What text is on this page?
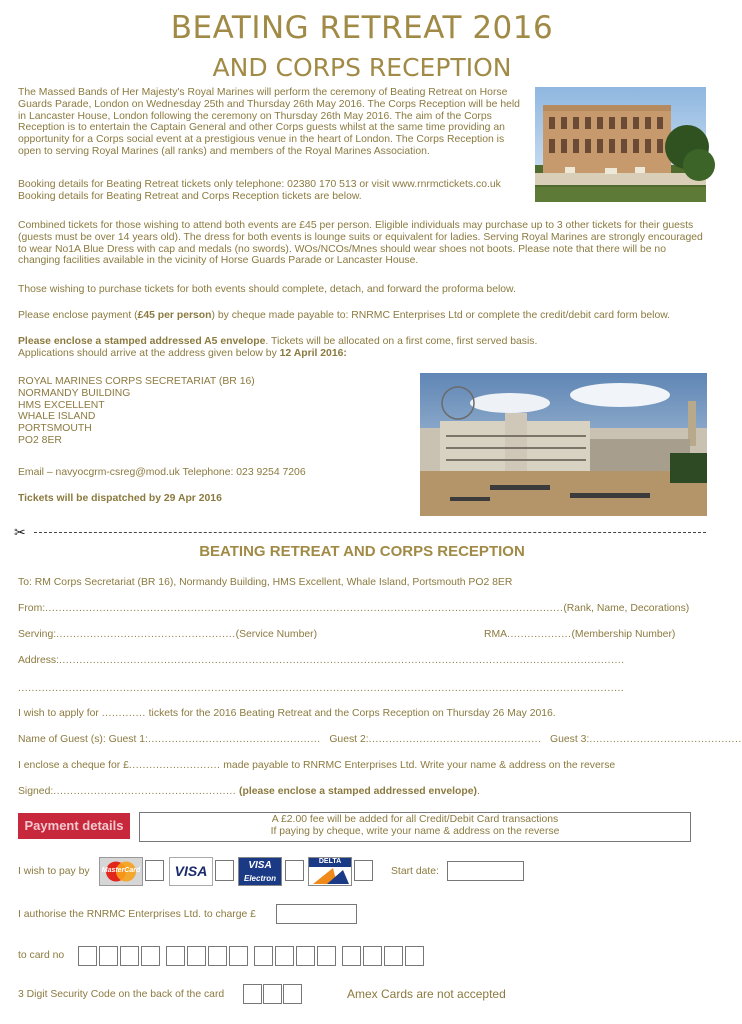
BEATING RETREAT 2016
AND CORPS RECEPTION
The Massed Bands of Her Majesty's Royal Marines will perform the ceremony of Beating Retreat on Horse Guards Parade, London on Wednesday 25th and Thursday 26th May 2016. The Corps Reception will be held in Lancaster House, London following the ceremony on Thursday 26th May 2016. The aim of the Corps Reception is to entertain the Captain General and other Corps guests whilst at the same time providing an opportunity for a Corps social event at a prestigious venue in the heart of London. The Corps Reception is open to serving Royal Marines (all ranks) and members of the Royal Marines Association.
Booking details for Beating Retreat tickets only telephone: 02380 170 513 or visit www.rnrmctickets.co.uk
Booking details for Beating Retreat and Corps Reception tickets are below.
Combined tickets for those wishing to attend both events are £45 per person. Eligible individuals may purchase up to 3 other tickets for their guests (guests must be over 14 years old). The dress for both events is lounge suits or equivalent for ladies. Serving Royal Marines are strongly encouraged to wear No1A Blue Dress with cap and medals (no swords). WOs/NCOs/Mnes should wear shoes not boots. Please note that there will be no changing facilities available in the vicinity of Horse Guards Parade or Lancaster House.
Those wishing to purchase tickets for both events should complete, detach, and forward the proforma below.
Please enclose payment (£45 per person) by cheque made payable to: RNRMC Enterprises Ltd or complete the credit/debit card form below.
Please enclose a stamped addressed A5 envelope. Tickets will be allocated on a first come, first served basis.
Applications should arrive at the address given below by 12 April 2016:
ROYAL MARINES CORPS SECRETARIAT (BR 16)
NORMANDY BUILDING
HMS EXCELLENT
WHALE ISLAND
PORTSMOUTH
PO2 8ER
Email – navyocgrm-csreg@mod.uk Telephone: 023 9254 7206
Tickets will be dispatched by 29 Apr 2016
✂
BEATING RETREAT AND CORPS RECEPTION
To: RM Corps Secretariat (BR 16), Normandy Building, HMS Excellent, Whale Island, Portsmouth PO2 8ER
From:.........................................................................................................................................................(Rank, Name, Decorations)
Serving:.....................................................(Service Number)	RMA...................(Membership Number)
Address:.......................................................................................................................................................................
...................................................................................................................................................................................
I wish to apply for ............. tickets for the 2016 Beating Retreat and the Corps Reception on Thursday 26 May 2016.
Name of Guest (s): Guest 1:................................................... Guest 2:................................................... Guest 3:.............................................
I enclose a cheque for £........................... made payable to RNRMC Enterprises Ltd. Write your name & address on the reverse
Signed:...................................................... (please enclose a stamped addressed envelope).
Payment details	A £2.00 fee will be added for all Credit/Debit Card transactions
If paying by cheque, write your name & address on the reverse
I wish to pay by MasterCard	VISA	VISA
Electron
DELTA
Start date:
I authorise the RNRMC Enterprises Ltd. to charge £
to card no
3 Digit Security Code on the back of the card	Amex Cards are not accepted
